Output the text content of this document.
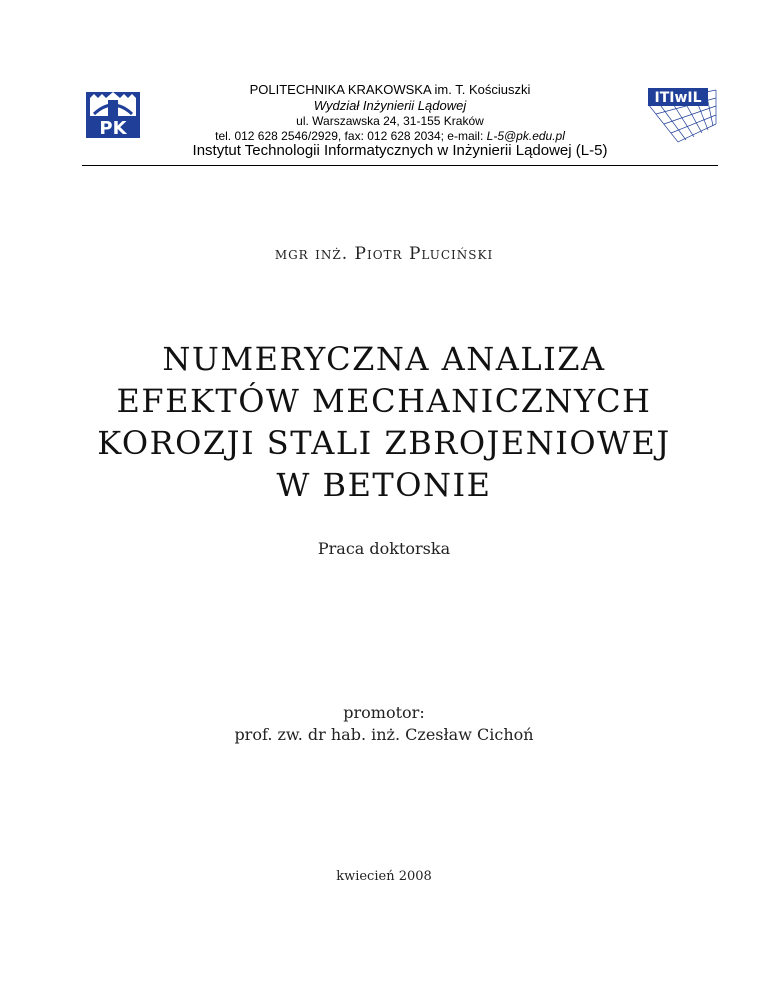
PK
POLITECHNIKA KRAKOWSKA im. T. Kościuszki
Wydział Inżynierii Lądowej
ul. Warszawska 24, 31-155 Kraków
tel. 012 628 2546/2929, fax: 012 628 2034; e-mail: L-5@pk.edu.pl
ITIwIL
Instytut Technologii Informatycznych w Inżynierii Lądowej (L-5)
mgr inż. Piotr Pluciński
NUMERYCZNA ANALIZA
EFEKTÓW MECHANICZNYCH
KOROZJI STALI ZBROJENIOWEJ
W BETONIE
Praca doktorska
promotor:
prof. zw. dr hab. inż. Czesław Cichoń
kwiecień 2008
